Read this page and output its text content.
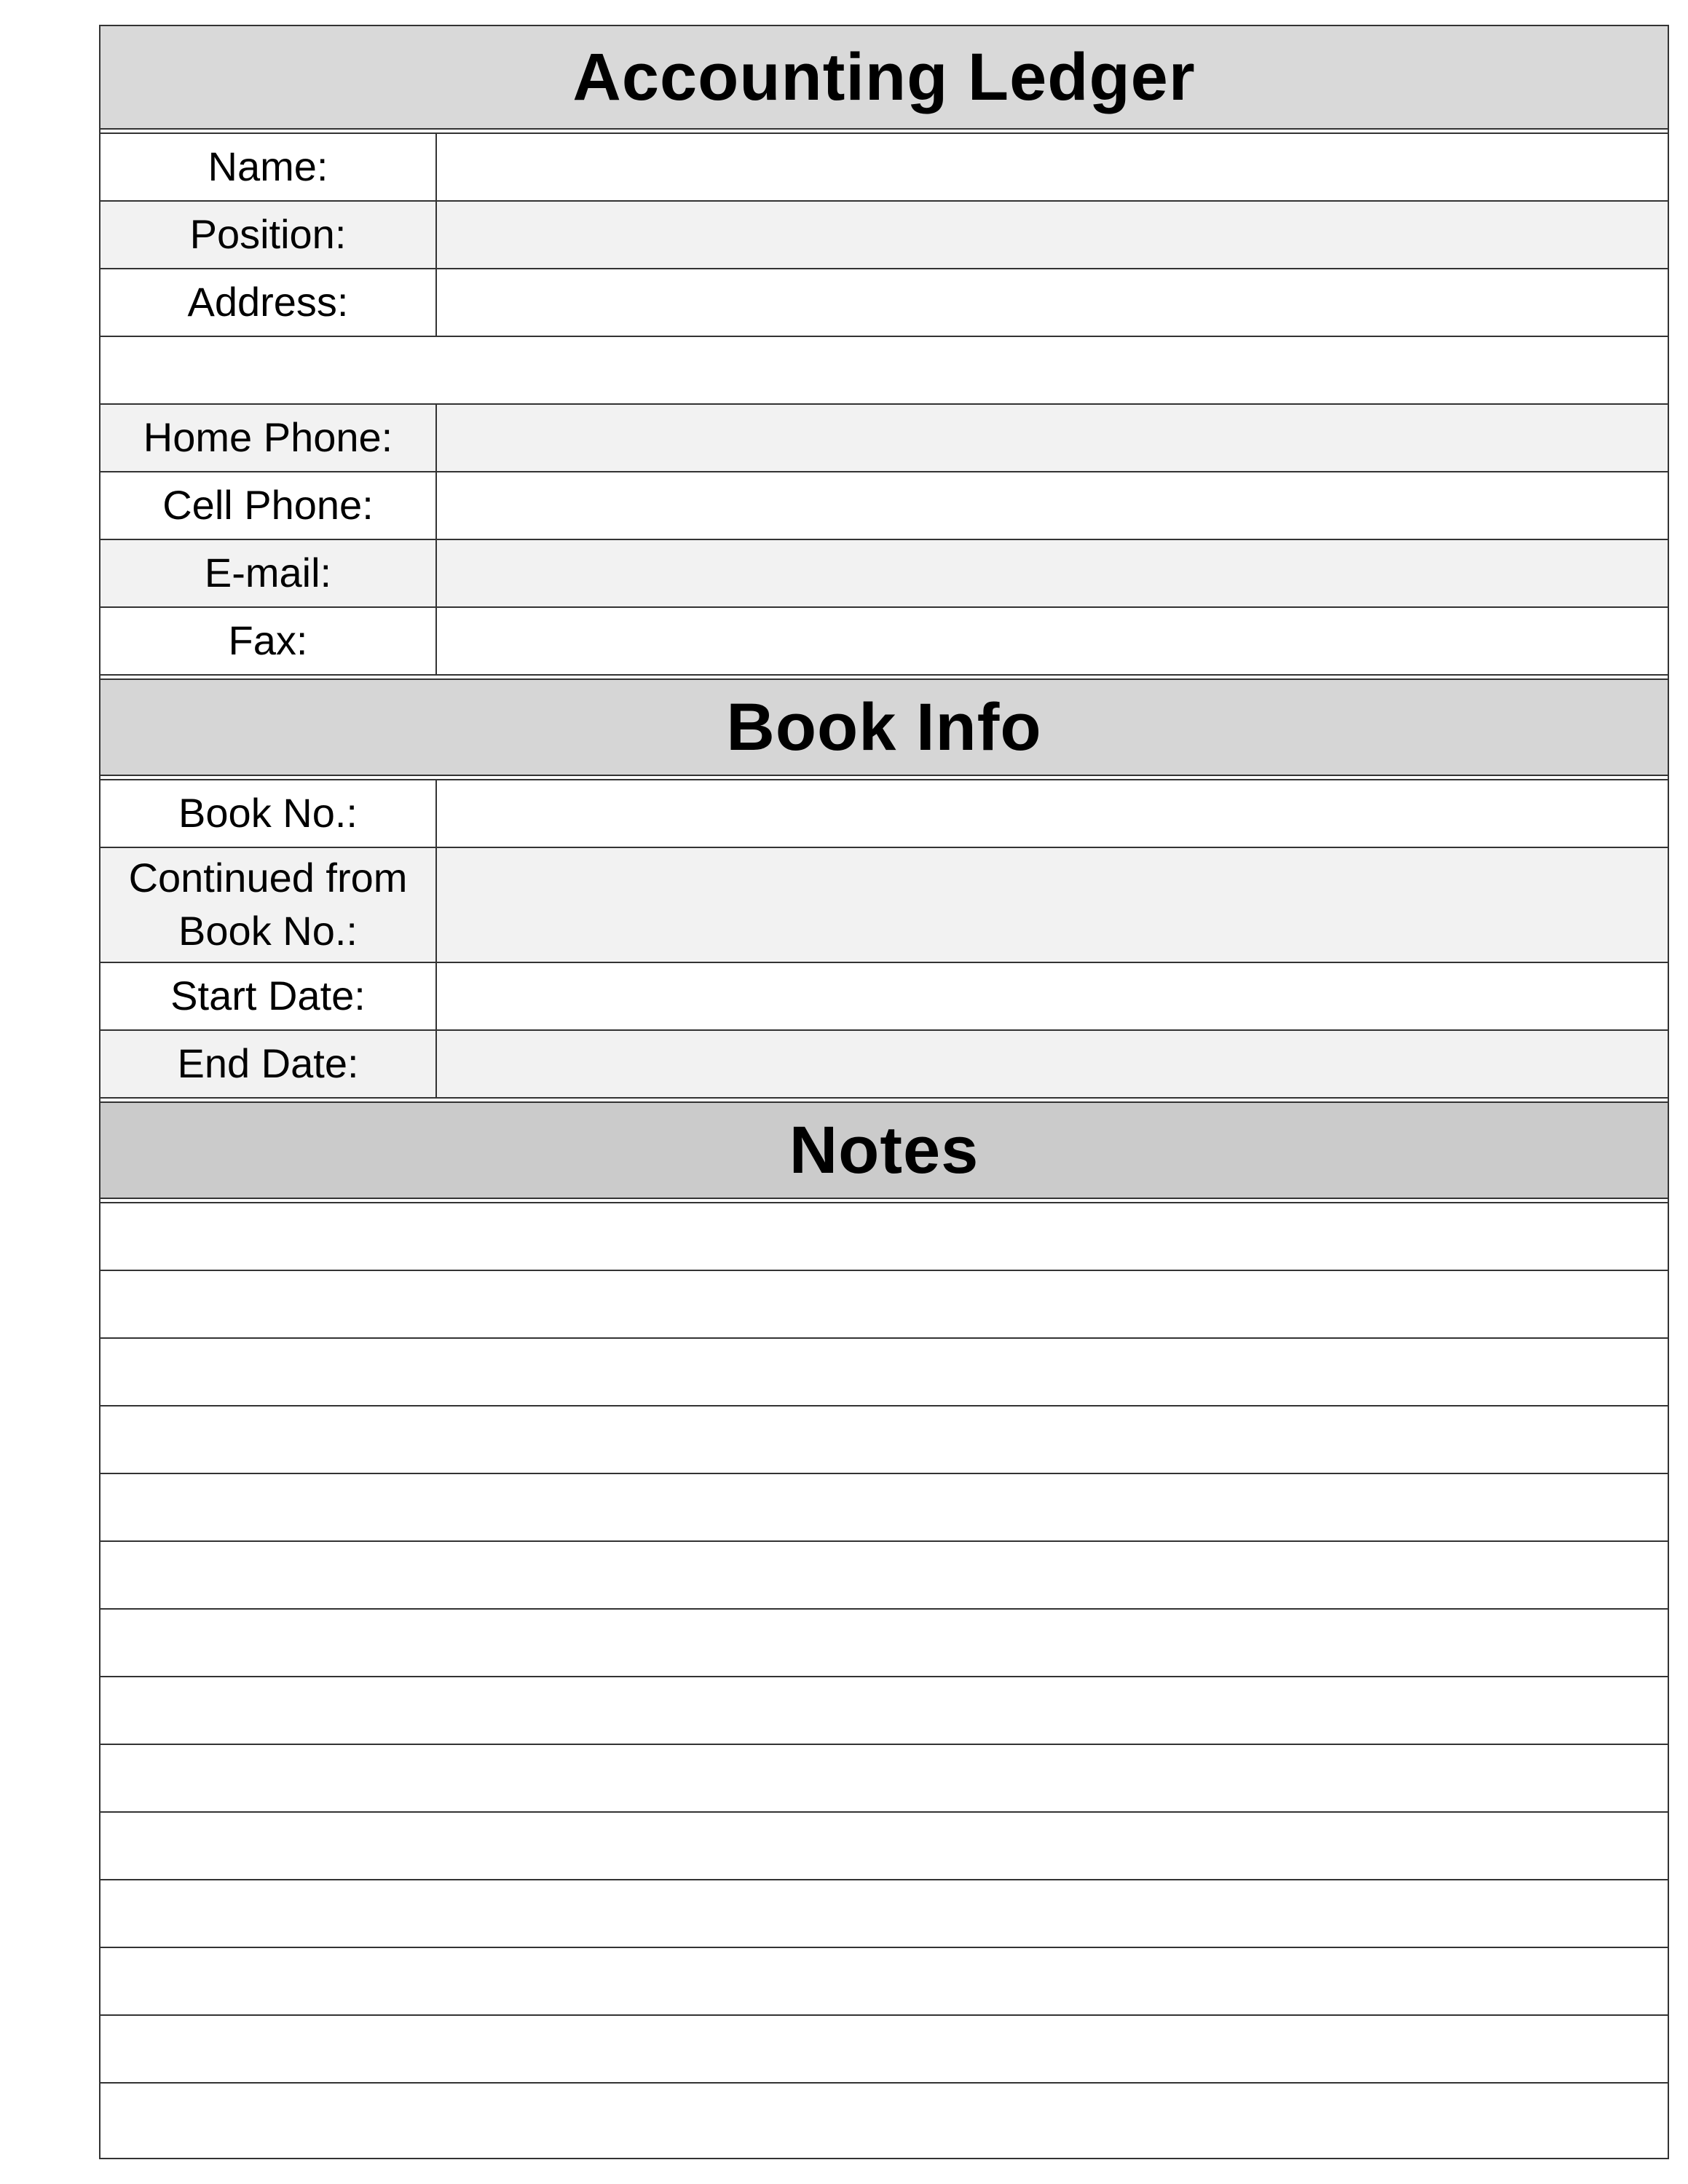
Accounting Ledger
Name:
Position:
Address:
Home Phone:
Cell Phone:
E-mail:
Fax:
Book Info
Book No.:
Continued from Book No.:
Start Date:
End Date:
Notes
